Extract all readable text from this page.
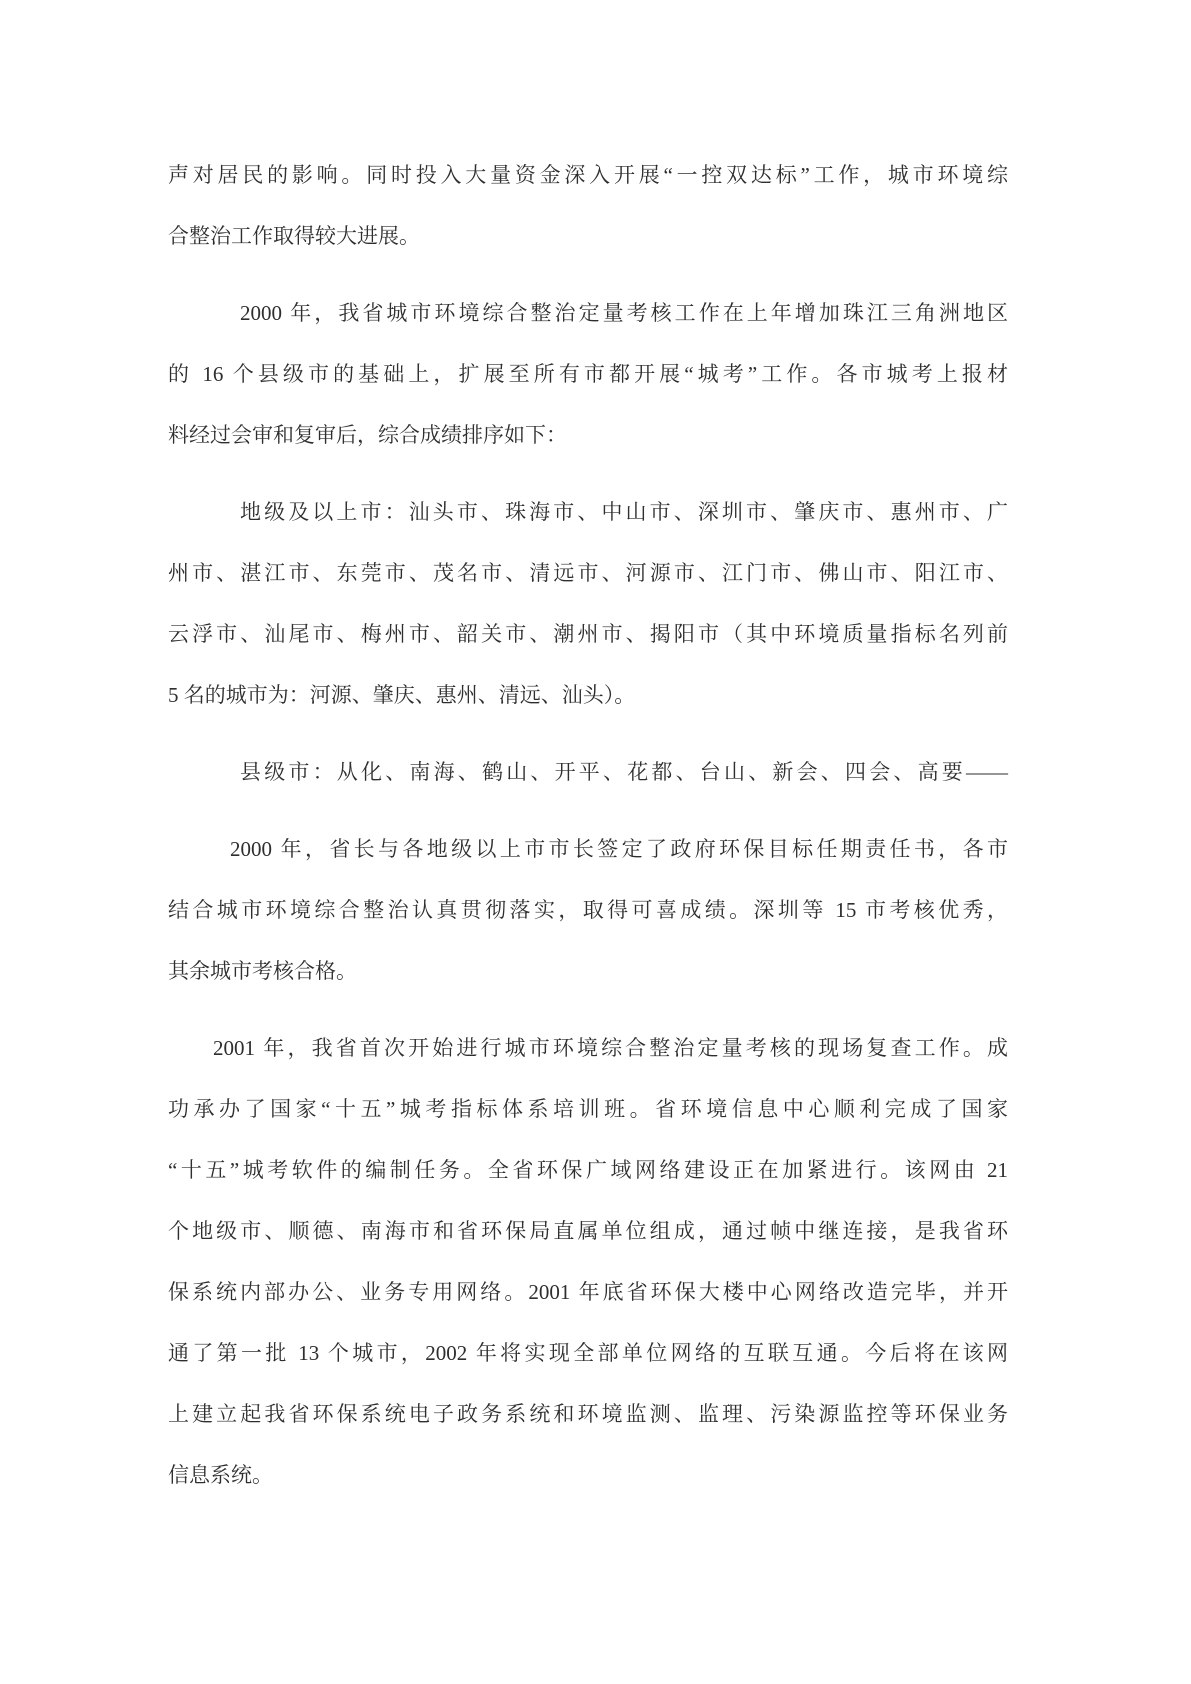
声对居民的影响。同时投入大量资金深入开展“一控双达标”工作，城市环境综
合整治工作取得较大进展。
2000 年，我省城市环境综合整治定量考核工作在上年增加珠江三角洲地区
的 16 个县级市的基础上，扩展至所有市都开展“城考”工作。各市城考上报材
料经过会审和复审后，综合成绩排序如下：
地级及以上市：汕头市、珠海市、中山市、深圳市、肇庆市、惠州市、广
州市、湛江市、东莞市、茂名市、清远市、河源市、江门市、佛山市、阳江市、
云浮市、汕尾市、梅州市、韶关市、潮州市、揭阳市（其中环境质量指标名列前
5 名的城市为：河源、肇庆、惠州、清远、汕头）。
县级市：从化、南海、鹤山、开平、花都、台山、新会、四会、高要——
2000 年，省长与各地级以上市市长签定了政府环保目标任期责任书，各市
结合城市环境综合整治认真贯彻落实，取得可喜成绩。深圳等 15 市考核优秀，
其余城市考核合格。
2001 年，我省首次开始进行城市环境综合整治定量考核的现场复查工作。成
功承办了国家“十五”城考指标体系培训班。省环境信息中心顺利完成了国家
“十五”城考软件的编制任务。全省环保广域网络建设正在加紧进行。该网由 21
个地级市、顺德、南海市和省环保局直属单位组成，通过帧中继连接，是我省环
保系统内部办公、业务专用网络。2001 年底省环保大楼中心网络改造完毕，并开
通了第一批 13 个城市，2002 年将实现全部单位网络的互联互通。今后将在该网
上建立起我省环保系统电子政务系统和环境监测、监理、污染源监控等环保业务
信息系统。
